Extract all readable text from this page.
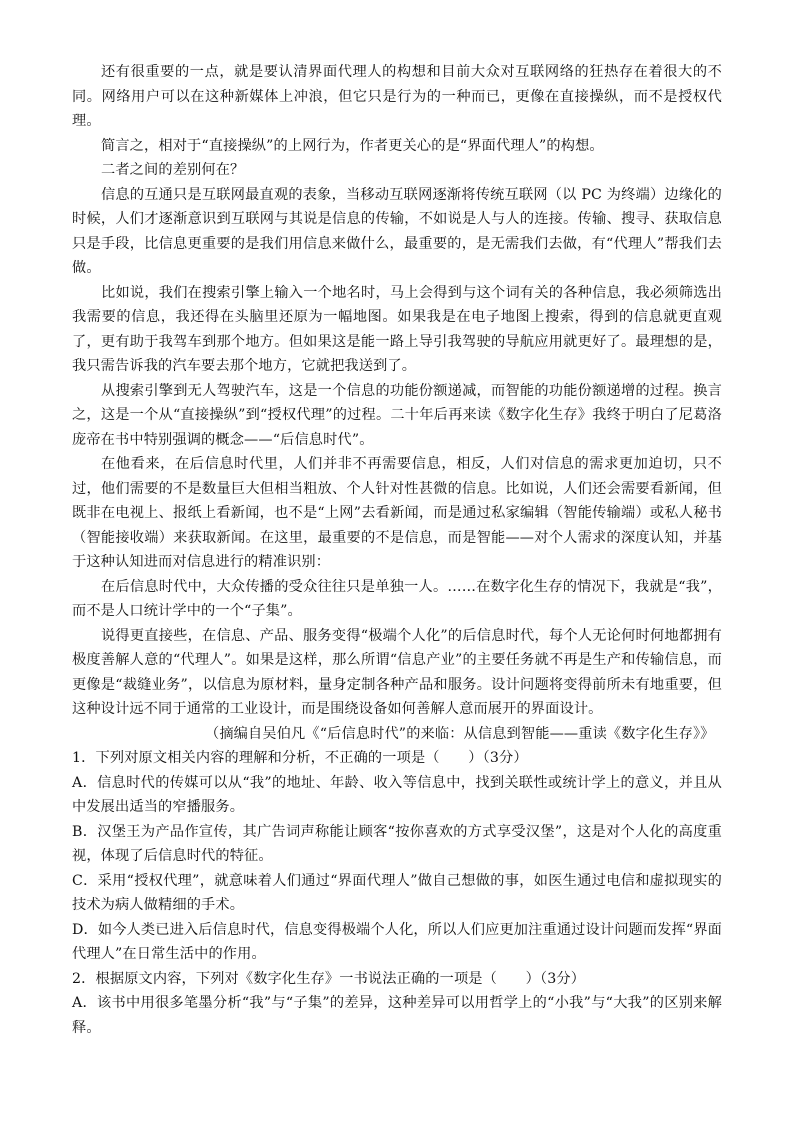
还有很重要的一点，就是要认清界面代理人的构想和目前大众对互联网络的狂热存在着很大的不同。网络用户可以在这种新媒体上冲浪，但它只是行为的一种而已，更像在直接操纵，而不是授权代理。

简言之，相对于“直接操纵”的上网行为，作者更关心的是“界面代理人”的构想。

二者之间的差别何在？

信息的互通只是互联网最直观的表象，当移动互联网逐渐将传统互联网（以 PC 为终端）边缘化的时候，人们才逐渐意识到互联网与其说是信息的传输，不如说是人与人的连接。传输、搜寻、获取信息只是手段，比信息更重要的是我们用信息来做什么，最重要的，是无需我们去做，有“代理人”帮我们去做。

比如说，我们在搜索引擎上输入一个地名时，马上会得到与这个词有关的各种信息，我必须筛选出我需要的信息，我还得在头脑里还原为一幅地图。如果我是在电子地图上搜索，得到的信息就更直观了，更有助于我驾车到那个地方。但如果这是能一路上导引我驾驶的导航应用就更好了。最理想的是，我只需告诉我的汽车要去那个地方，它就把我送到了。

从搜索引擎到无人驾驶汽车，这是一个信息的功能份额递减，而智能的功能份额递增的过程。换言之，这是一个从“直接操纵”到“授权代理”的过程。二十年后再来读《数字化生存》我终于明白了尼葛洛庞帝在书中特别强调的概念——“后信息时代”。

在他看来，在后信息时代里，人们并非不再需要信息，相反，人们对信息的需求更加迫切，只不过，他们需要的不是数量巨大但相当粗放、个人针对性甚微的信息。比如说，人们还会需要看新闻，但既非在电视上、报纸上看新闻，也不是“上网”去看新闻，而是通过私家编辑（智能传输端）或私人秘书（智能接收端）来获取新闻。在这里，最重要的不是信息，而是智能——对个人需求的深度认知，并基于这种认知进而对信息进行的精准识别：

在后信息时代中，大众传播的受众往往只是单独一人。……在数字化生存的情况下，我就是“我”，而不是人口统计学中的一个“子集”。

说得更直接些，在信息、产品、服务变得“极端个人化”的后信息时代，每个人无论何时何地都拥有极度善解人意的“代理人”。如果是这样，那么所谓“信息产业”的主要任务就不再是生产和传输信息，而更像是“裁缝业务”，以信息为原材料，量身定制各种产品和服务。设计问题将变得前所未有地重要，但这种设计远不同于通常的工业设计，而是围绕设备如何善解人意而展开的界面设计。

（摘编自吴伯凡《“后信息时代”的来临：从信息到智能——重读《数字化生存》》

1．下列对原文相关内容的理解和分析，不正确的一项是（　　）（3分）

A．信息时代的传媒可以从“我”的地址、年龄、收入等信息中，找到关联性或统计学上的意义，并且从中发展出适当的窄播服务。

B．汉堡王为产品作宣传，其广告词声称能让顾客“按你喜欢的方式享受汉堡”，这是对个人化的高度重视，体现了后信息时代的特征。

C．采用“授权代理”，就意味着人们通过“界面代理人”做自己想做的事，如医生通过电信和虚拟现实的技术为病人做精细的手术。

D．如今人类已进入后信息时代，信息变得极端个人化，所以人们应更加注重通过设计问题而发挥“界面代理人”在日常生活中的作用。

2．根据原文内容，下列对《数字化生存》一书说法正确的一项是（　　）（3分）

A．该书中用很多笔墨分析“我”与“子集”的差异，这种差异可以用哲学上的“小我”与“大我”的区别来解释。
